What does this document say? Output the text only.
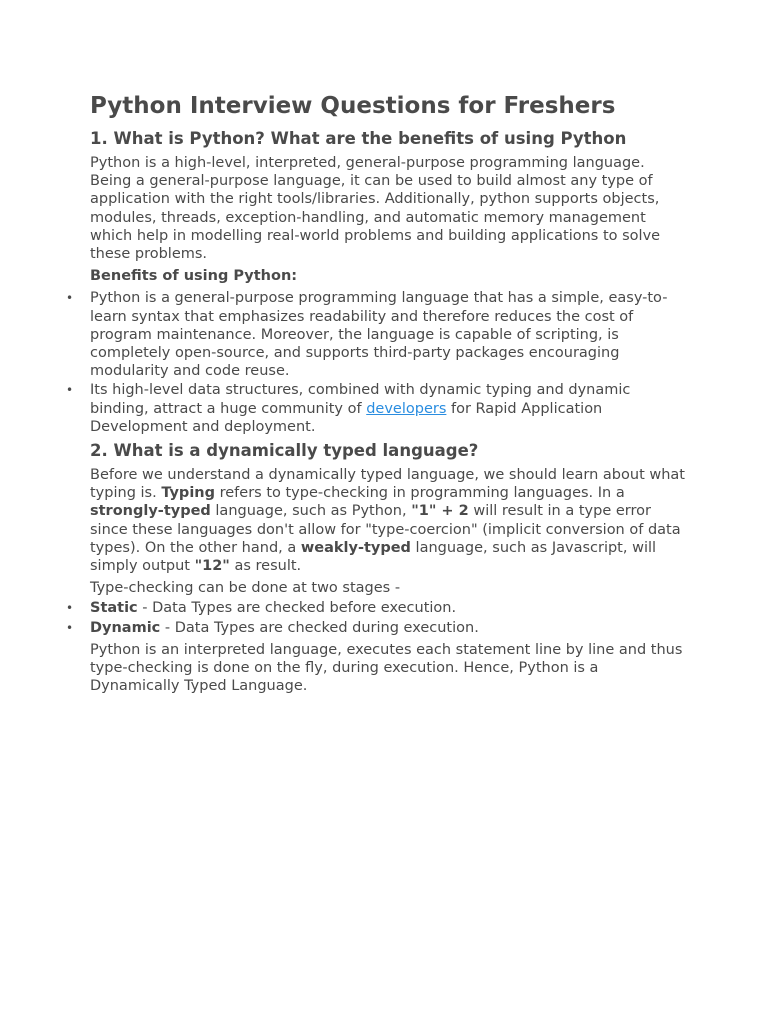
Python Interview Questions for Freshers
1. What is Python? What are the benefits of using Python

Python is a high-level, interpreted, general-purpose programming language. Being a general-purpose language, it can be used to build almost any type of application with the right tools/libraries. Additionally, python supports objects, modules, threads, exception-handling, and automatic memory management which help in modelling real-world problems and building applications to solve these problems.

Benefits of using Python:

• Python is a general-purpose programming language that has a simple, easy-to-learn syntax that emphasizes readability and therefore reduces the cost of program maintenance. Moreover, the language is capable of scripting, is completely open-source, and supports third-party packages encouraging modularity and code reuse.
• Its high-level data structures, combined with dynamic typing and dynamic binding, attract a huge community of developers for Rapid Application Development and deployment.
2. What is a dynamically typed language?

Before we understand a dynamically typed language, we should learn about what typing is. Typing refers to type-checking in programming languages. In a strongly-typed language, such as Python, "1" + 2 will result in a type error since these languages don't allow for "type-coercion" (implicit conversion of data types). On the other hand, a weakly-typed language, such as Javascript, will simply output "12" as result.

Type-checking can be done at two stages -

• Static - Data Types are checked before execution.
• Dynamic - Data Types are checked during execution.

Python is an interpreted language, executes each statement line by line and thus type-checking is done on the fly, during execution. Hence, Python is a Dynamically Typed Language.
